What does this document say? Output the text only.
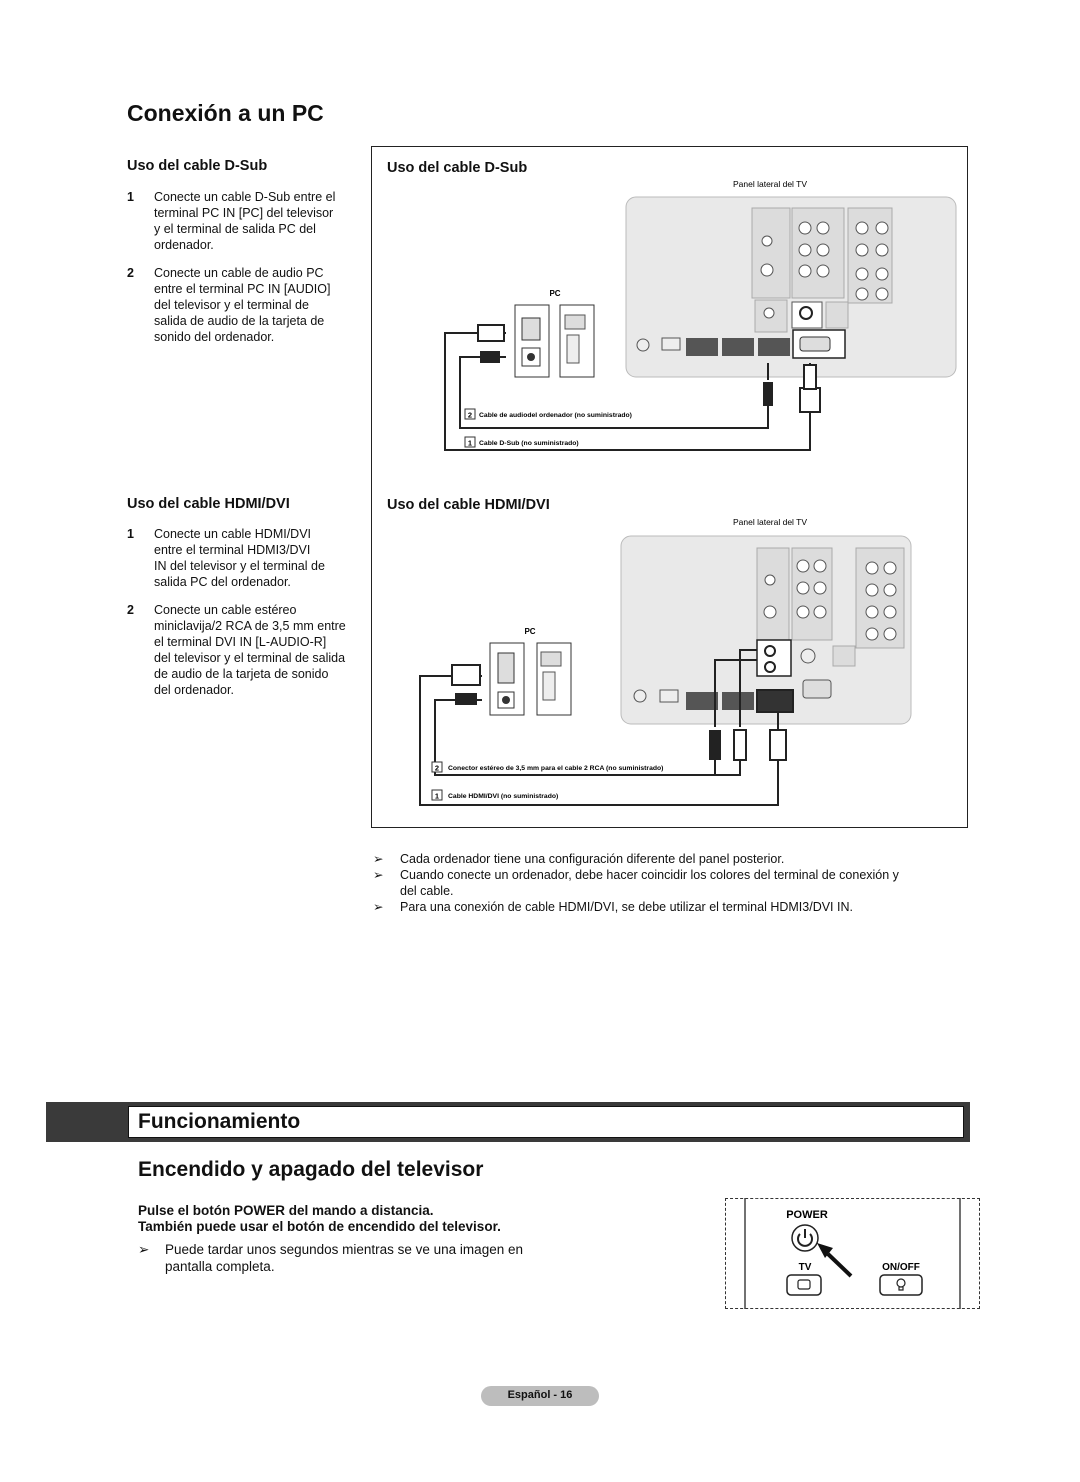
Conexión a un PC
Uso del cable D-Sub
1 Conecte un cable D-Sub entre el
terminal PC IN [PC] del televisor
y el terminal de salida PC del
ordenador.
2 Conecte un cable de audio PC
entre el terminal PC IN [AUDIO]
del televisor y el terminal de
salida de audio de la tarjeta de
sonido del ordenador.
Uso del cable HDMI/DVI
1 Conecte un cable HDMI/DVI
entre el terminal HDMI3/DVI
IN del televisor y el terminal de
salida PC del ordenador.
2 Conecte un cable estéreo
miniclavija/2 RCA de 3,5 mm entre
el terminal DVI IN [L-AUDIO-R]
del televisor y el terminal de salida
de audio de la tarjeta de sonido
del ordenador.
Uso del cable D-Sub
Uso del cable HDMI/DVI
Panel lateral del TV
PC
2 Cable de audiodel ordenador (no suministrado)
1 Cable D-Sub (no suministrado)
Panel lateral del TV
PC
2 Conector estéreo de 3,5 mm para el cable 2 RCA (no suministrado)
1 Cable HDMI/DVI (no suministrado)
➢ Cada ordenador tiene una configuración diferente del panel posterior.
➢ Cuando conecte un ordenador, debe hacer coincidir los colores del terminal de conexión y
del cable.
➢ Para una conexión de cable HDMI/DVI, se debe utilizar el terminal HDMI3/DVI IN.
Funcionamiento
Encendido y apagado del televisor
Pulse el botón POWER del mando a distancia.
También puede usar el botón de encendido del televisor.
➢ Puede tardar unos segundos mientras se ve una imagen en
pantalla completa.
POWER
TV	ON/OFF
Español - 16
